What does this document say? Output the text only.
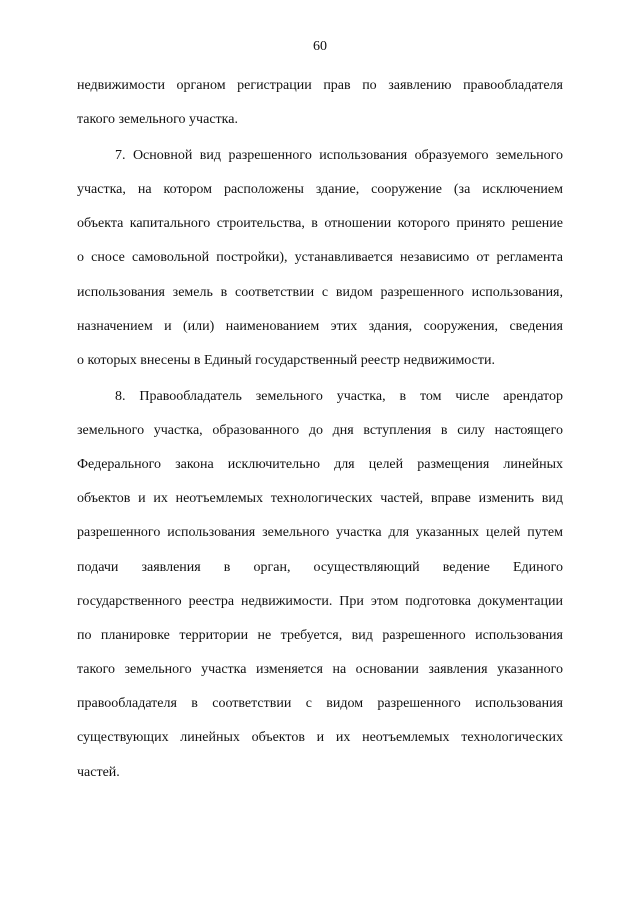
60
недвижимости органом регистрации прав по заявлению правообладателя
такого земельного участка.
7. Основной вид разрешенного использования образуемого земельного
участка, на котором расположены здание, сооружение (за исключением
объекта капитального строительства, в отношении которого принято решение
о сносе самовольной постройки), устанавливается независимо от регламента
использования земель в соответствии с видом разрешенного использования,
назначением и (или) наименованием этих здания, сооружения, сведения
о которых внесены в Единый государственный реестр недвижимости.
8. Правообладатель земельного участка, в том числе арендатор
земельного участка, образованного до дня вступления в силу настоящего
Федерального закона исключительно для целей размещения линейных
объектов и их неотъемлемых технологических частей, вправе изменить вид
разрешенного использования земельного участка для указанных целей путем
подачи заявления в орган, осуществляющий ведение Единого
государственного реестра недвижимости. При этом подготовка документации
по планировке территории не требуется, вид разрешенного использования
такого земельного участка изменяется на основании заявления указанного
правообладателя в соответствии с видом разрешенного использования
существующих линейных объектов и их неотъемлемых технологических
частей.
